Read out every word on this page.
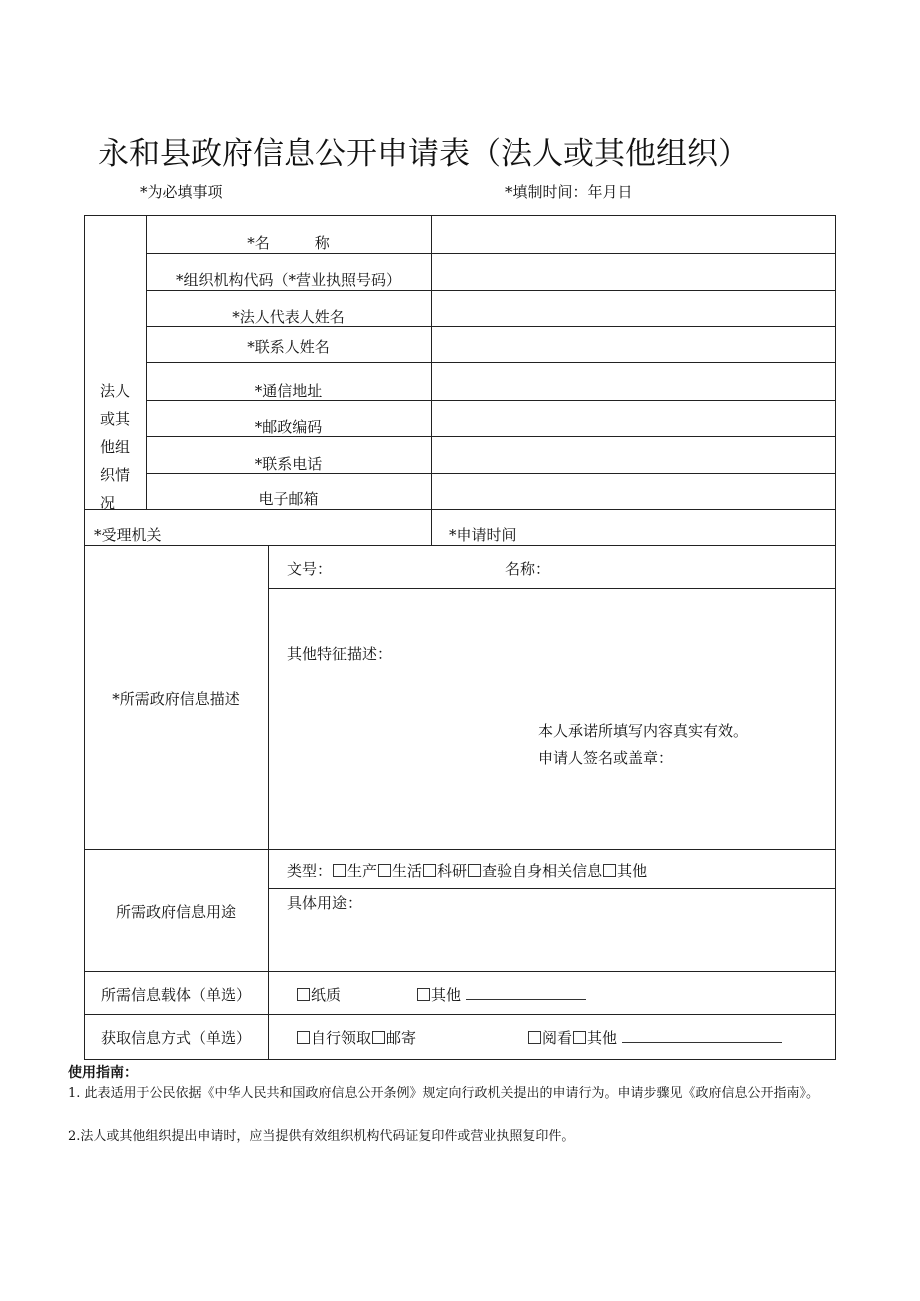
永和县政府信息公开申请表（法人或其他组织）
*为必填事项	*填制时间：年月日
法人
或其
他组
织情
况
*名　　　称
*组织机构代码（*营业执照号码）
*法人代表人姓名
*联系人姓名
*通信地址
*邮政编码
*联系电话
电子邮箱
*受理机关	*申请时间
*所需政府信息描述
文号：	名称：
其他特征描述：
本人承诺所填写内容真实有效。
申请人签名或盖章：
所需政府信息用途
类型： 生产 生活 科研 查验自身相关信息 其他
具体用途：
所需信息载体（单选）	纸质	其他
获取信息方式（单选）	自行领取 邮寄	阅看 其他
使用指南：
1. 此表适用于公民依据《中华人民共和国政府信息公开条例》规定向行政机关提出的申请行为。申请步骤见《政府信息公开指南》。
2.法人或其他组织提出申请时，应当提供有效组织机构代码证复印件或营业执照复印件。
